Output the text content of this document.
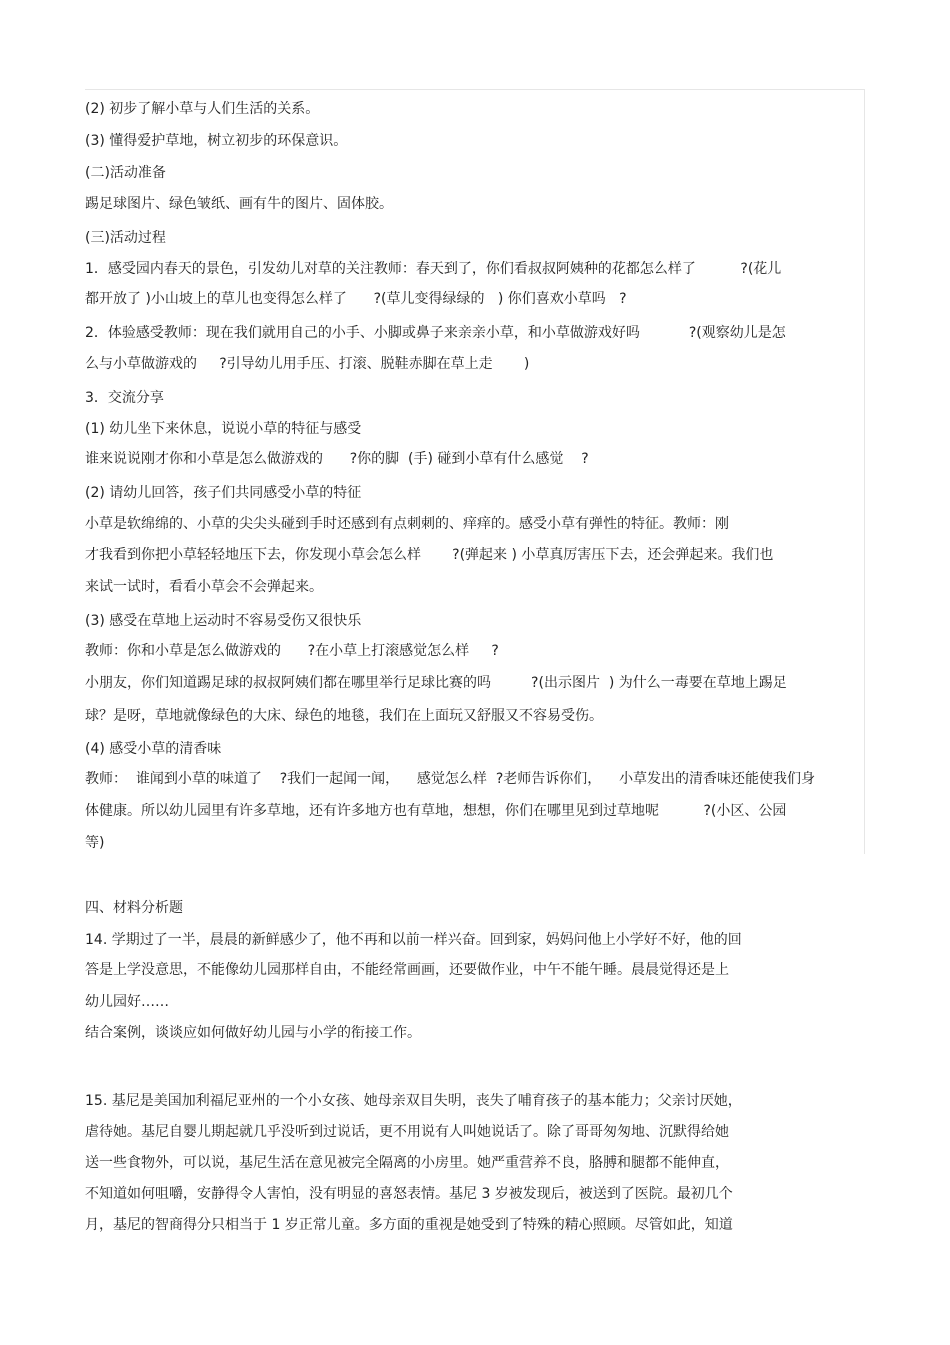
(2) 初步了解小草与人们生活的关系。
(3) 懂得爱护草地，树立初步的环保意识。
(二)活动准备
踢足球图片、绿色皱纸、画有牛的图片、固体胶。
(三)活动过程
1．感受园内春天的景色，引发幼儿对草的关注教师：春天到了，你们看叔叔阿姨种的花都怎么样了          ?(花儿
都开放了 )小山坡上的草儿也变得怎么样了      ?(草儿变得绿绿的   ) 你们喜欢小草吗   ?
2．体验感受教师：现在我们就用自己的小手、小脚或鼻子来亲亲小草，和小草做游戏好吗           ?(观察幼儿是怎
么与小草做游戏的     ?引导幼儿用手压、打滚、脱鞋赤脚在草上走       )
3．交流分享
(1) 幼儿坐下来休息，说说小草的特征与感受
谁来说说刚才你和小草是怎么做游戏的      ?你的脚  (手) 碰到小草有什么感觉    ?
(2) 请幼儿回答，孩子们共同感受小草的特征
小草是软绵绵的、小草的尖尖头碰到手时还感到有点刺刺的、痒痒的。感受小草有弹性的特征。教师：刚
才我看到你把小草轻轻地压下去，你发现小草会怎么样       ?(弹起来 ) 小草真厉害压下去，还会弹起来。我们也
来试一试时，看看小草会不会弹起来。
(3) 感受在草地上运动时不容易受伤又很快乐
教师：你和小草是怎么做游戏的      ?在小草上打滚感觉怎么样     ?
小朋友，你们知道踢足球的叔叔阿姨们都在哪里举行足球比赛的吗         ?(出示图片  ) 为什么一毒要在草地上踢足
球？是呀，草地就像绿色的大床、绿色的地毯，我们在上面玩又舒服又不容易受伤。
(4) 感受小草的清香味
教师：  谁闻到小草的味道了    ?我们一起闻一闻，    感觉怎么样  ?老师告诉你们，    小草发出的清香味还能使我们身
体健康。所以幼儿园里有许多草地，还有许多地方也有草地，想想，你们在哪里见到过草地呢          ?(小区、公园
等)
四、材料分析题
14. 学期过了一半，晨晨的新鲜感少了，他不再和以前一样兴奋。回到家，妈妈问他上小学好不好，他的回
答是上学没意思，不能像幼儿园那样自由，不能经常画画，还要做作业，中午不能午睡。晨晨觉得还是上
幼儿园好……
结合案例，谈谈应如何做好幼儿园与小学的衔接工作。
15. 基尼是美国加利福尼亚州的一个小女孩、她母亲双目失明，丧失了哺育孩子的基本能力；父亲讨厌她，
虐待她。基尼自婴儿期起就几乎没听到过说话，更不用说有人叫她说话了。除了哥哥匆匆地、沉默得给她
送一些食物外，可以说，基尼生活在意见被完全隔离的小房里。她严重营养不良，胳膊和腿都不能伸直，
不知道如何咀嚼，安静得令人害怕，没有明显的喜怒表情。基尼 3 岁被发现后，被送到了医院。最初几个
月，基尼的智商得分只相当于 1 岁正常儿童。多方面的重视是她受到了特殊的精心照顾。尽管如此，知道
